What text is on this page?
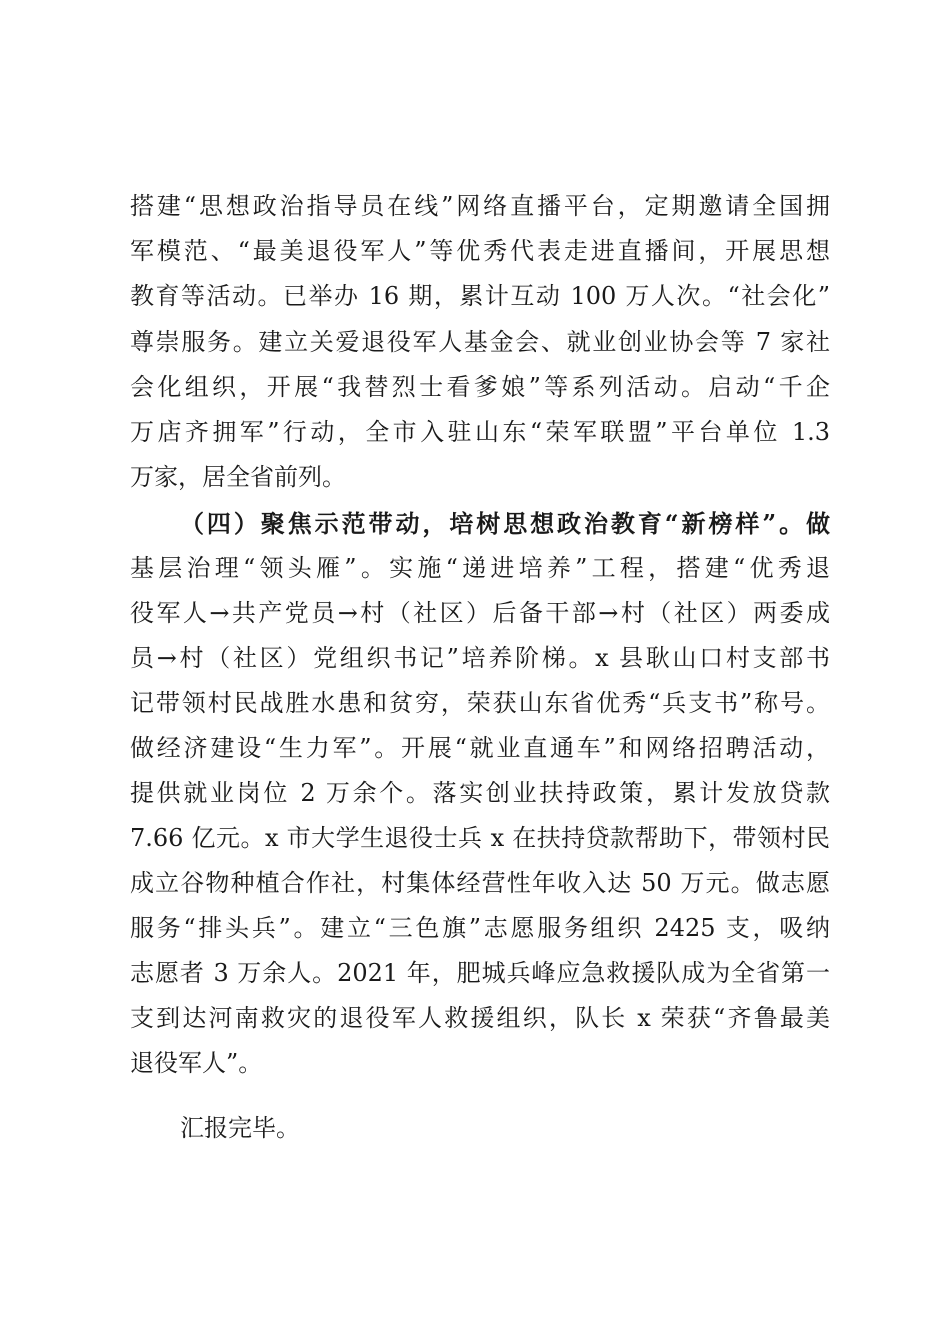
搭建“思想政治指导员在线”网络直播平台，定期邀请全国拥
军模范、“最美退役军人”等优秀代表走进直播间，开展思想
教育等活动。已举办 16 期，累计互动 100 万人次。“社会化”
尊崇服务。建立关爱退役军人基金会、就业创业协会等 7 家社
会化组织，开展“我替烈士看爹娘”等系列活动。启动“千企
万店齐拥军”行动，全市入驻山东“荣军联盟”平台单位 1.3
万家，居全省前列。
（四）聚焦示范带动，培树思想政治教育“新榜样”。做
基层治理“领头雁”。实施“递进培养”工程，搭建“优秀退
役军人→共产党员→村（社区）后备干部→村（社区）两委成
员→村（社区）党组织书记”培养阶梯。x 县耿山口村支部书
记带领村民战胜水患和贫穷，荣获山东省优秀“兵支书”称号。
做经济建设“生力军”。开展“就业直通车”和网络招聘活动，
提供就业岗位 2 万余个。落实创业扶持政策，累计发放贷款
7.66 亿元。x 市大学生退役士兵 x 在扶持贷款帮助下，带领村民
成立谷物种植合作社，村集体经营性年收入达 50 万元。做志愿
服务“排头兵”。建立“三色旗”志愿服务组织 2425 支，吸纳
志愿者 3 万余人。2021 年，肥城兵峰应急救援队成为全省第一
支到达河南救灾的退役军人救援组织，队长 x 荣获“齐鲁最美
退役军人”。
汇报完毕。
